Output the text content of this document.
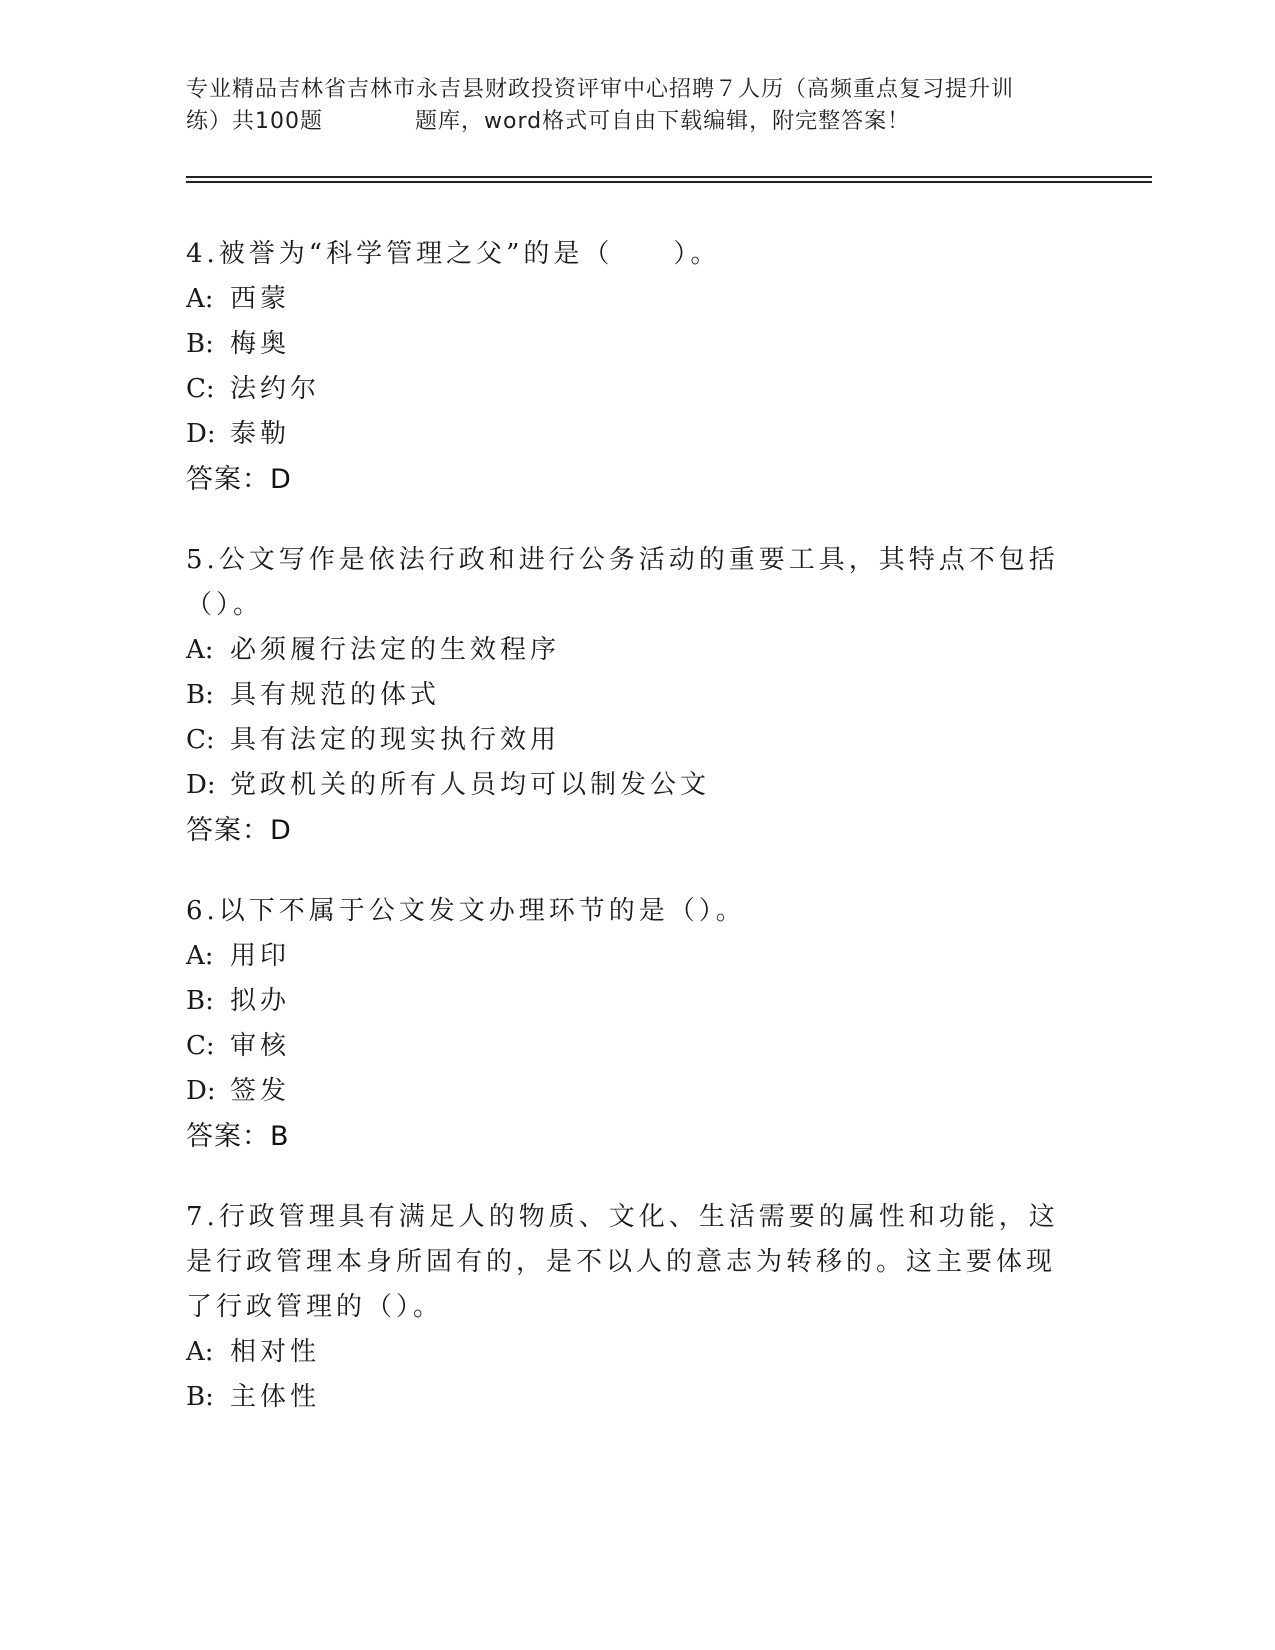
专业精品吉林省吉林市永吉县财政投资评审中心招聘７人历（高频重点复习提升训
练）共100题　　　　题库，word格式可自由下载编辑，附完整答案！
4.被誉为“科学管理之父”的是（　　）。
A: 西蒙
B: 梅奥
C: 法约尔
D: 泰勒
答案：D
5.公文写作是依法行政和进行公务活动的重要工具，其特点不包括（）。
A: 必须履行法定的生效程序
B: 具有规范的体式
C: 具有法定的现实执行效用
D: 党政机关的所有人员均可以制发公文
答案：D
6.以下不属于公文发文办理环节的是（）。
A: 用印
B: 拟办
C: 审核
D: 签发
答案：B
7.行政管理具有满足人的物质、文化、生活需要的属性和功能，这是行政管理本身所固有的，是不以人的意志为转移的。这主要体现了行政管理的（）。
A: 相对性
B: 主体性
